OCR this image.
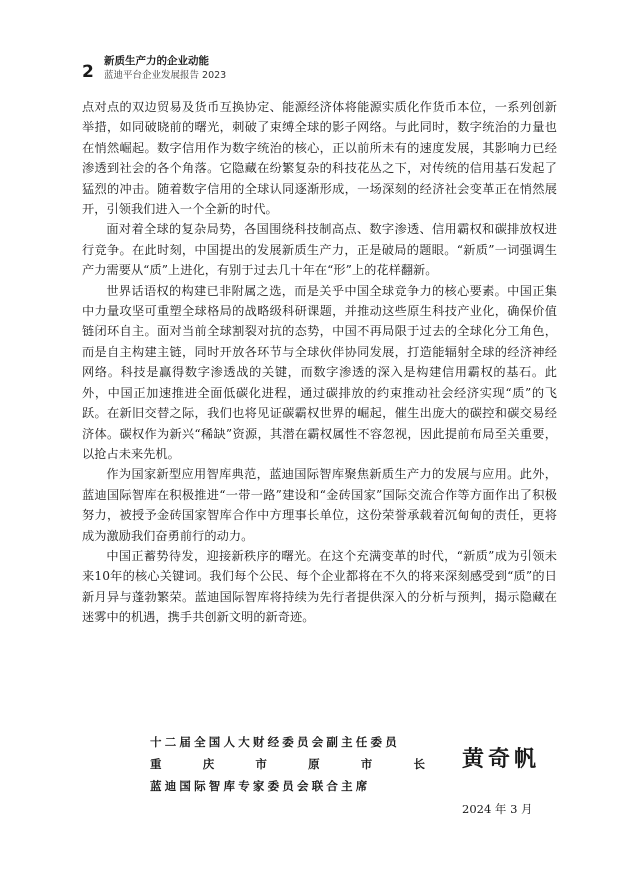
2
新质生产力的企业动能
蓝迪平台企业发展报告 2023

点对点的双边贸易及货币互换协定、能源经济体将能源实质化作货币本位，一系列创新举措，如同破晓前的曙光，刺破了束缚全球的影子网络。与此同时，数字统治的力量也在悄然崛起。数字信用作为数字统治的核心，正以前所未有的速度发展，其影响力已经渗透到社会的各个角落。它隐藏在纷繁复杂的科技花丛之下，对传统的信用基石发起了猛烈的冲击。随着数字信用的全球认同逐渐形成，一场深刻的经济社会变革正在悄然展开，引领我们进入一个全新的时代。

面对着全球的复杂局势，各国围绕科技制高点、数字渗透、信用霸权和碳排放权进行竞争。在此时刻，中国提出的发展新质生产力，正是破局的题眼。“新质”一词强调生产力需要从“质”上进化，有别于过去几十年在“形”上的花样翻新。

世界话语权的构建已非附属之选，而是关乎中国全球竞争力的核心要素。中国正集中力量攻坚可重塑全球格局的战略级科研课题，并推动这些原生科技产业化，确保价值链闭环自主。面对当前全球割裂对抗的态势，中国不再局限于过去的全球化分工角色，而是自主构建主链，同时开放各环节与全球伙伴协同发展，打造能辐射全球的经济神经网络。科技是赢得数字渗透战的关键，而数字渗透的深入是构建信用霸权的基石。此外，中国正加速推进全面低碳化进程，通过碳排放的约束推动社会经济实现“质”的飞跃。在新旧交替之际，我们也将见证碳霸权世界的崛起，催生出庞大的碳控和碳交易经济体。碳权作为新兴“稀缺”资源，其潜在霸权属性不容忽视，因此提前布局至关重要，以抢占未来先机。

作为国家新型应用智库典范，蓝迪国际智库聚焦新质生产力的发展与应用。此外，蓝迪国际智库在积极推进“一带一路”建设和“金砖国家”国际交流合作等方面作出了积极努力，被授予金砖国家智库合作中方理事长单位，这份荣誉承载着沉甸甸的责任，更将成为激励我们奋勇前行的动力。

中国正蓄势待发，迎接新秩序的曙光。在这个充满变革的时代，“新质”成为引领未来10年的核心关键词。我们每个公民、每个企业都将在不久的将来深刻感受到“质”的日新月异与蓬勃繁荣。蓝迪国际智库将持续为先行者提供深入的分析与预判，揭示隐藏在迷雾中的机遇，携手共创新文明的新奇迹。

十二届全国人大财经委员会副主任委员
重	庆	市	原	市	长
蓝迪国际智库专家委员会联合主席
黄奇帆
2024 年 3 月
